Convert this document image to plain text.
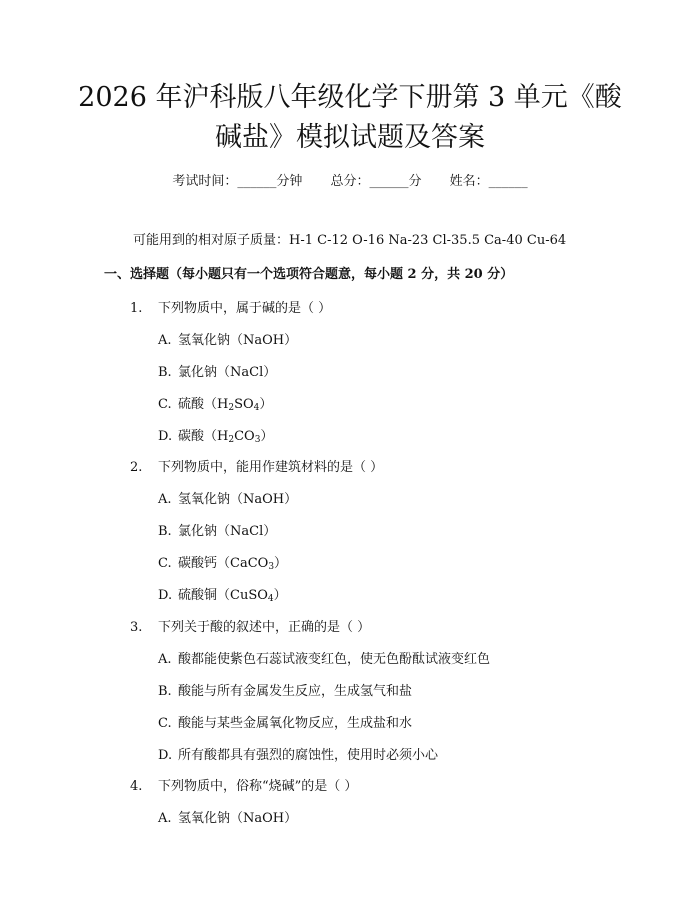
2026 年沪科版八年级化学下册第 3 单元《酸
碱盐》模拟试题及答案
考试时间：______分钟 总分：______分 姓名：______
可能用到的相对原子质量：H-1 C-12 O-16 Na-23 Cl-35.5 Ca-40 Cu-64
一、选择题（每小题只有一个选项符合题意，每小题 2 分，共 20 分）
1. 下列物质中，属于碱的是（ ）
A. 氢氧化钠（NaOH）
B. 氯化钠（NaCl）
C. 硫酸$(H_2SO_4)$
D. 碳酸$(H_2CO_3)$
2. 下列物质中，能用作建筑材料的是（ ）
A. 氢氧化钠（NaOH）
B. 氯化钠（NaCl）
C. 碳酸钙（CaCO$_3$）
D. 硫酸铜（CuSO$_4$）
3. 下列关于酸的叙述中，正确的是（ ）
A. 酸都能使紫色石蕊试液变红色，使无色酚酞试液变红色
B. 酸能与所有金属发生反应，生成氢气和盐
C. 酸能与某些金属氧化物反应，生成盐和水
D. 所有酸都具有强烈的腐蚀性，使用时必须小心
4. 下列物质中，俗称“烧碱”的是（ ）
A. 氢氧化钠（NaOH）
